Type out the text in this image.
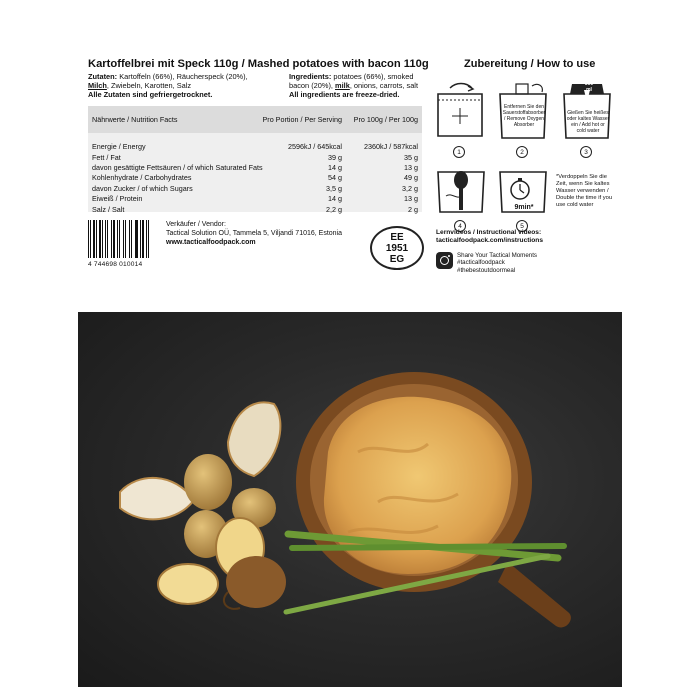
Kartoffelbrei mit Speck 110g / Mashed potatoes with bacon 110g
Zutaten: Kartoffeln (66%), Räucherspeck (20%),
Milch, Zwiebeln, Karotten, Salz
Alle Zutaten sind gefriergetrocknet.
Ingredients: potatoes (66%), smoked bacon (20%), milk, onions, carrots, salt
All ingredients are freeze-dried.
Nährwerte / Nutrition Facts	Pro Portion / Per Serving	Pro 100g / Per 100g
Energie / Energy	2596kJ / 645kcal	2360kJ / 587kcal
Fett / Fat	39 g	35 g
davon gesättigte Fettsäuren / of which Saturated Fats	14 g	13 g
Kohlenhydrate / Carbohydrates	54 g	49 g
davon Zucker / of which Sugars	3,5 g	3,2 g
Eiweiß / Protein	14 g	13 g
Salz / Salt	2,2 g	2 g
4 744698 010014
Verkäufer / Vendor:
Tactical Solution OÜ, Tammela 5, Viljandi 71016, Estonia
www.tacticalfoodpack.com	EE
1951
EG
Zubereitung / How to use
1
Entfernen Sie den Sauerstoffabsorber / Remove Oxygen Absorber
2
300 ml
Gießen Sie heißes oder kaltes Wasser ein / Add hot or cold water
3
4
9min*
5
*Verdoppeln Sie die Zeit, wenn Sie kaltes Wasser verwenden / Double the time if you use cold water
Lernvideos / Instructional videos:
tacticalfoodpack.com/instructions
Share Your Tactical Moments
#tacticalfoodpack
#thebestoutdoormeal
